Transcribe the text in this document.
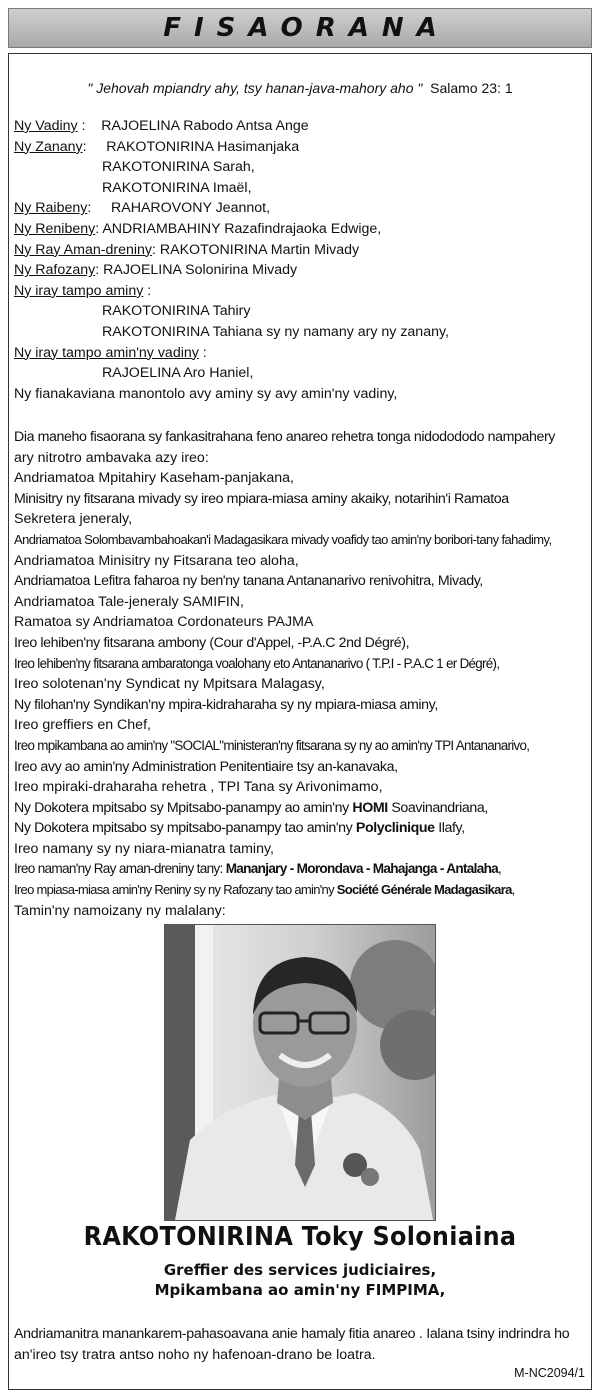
FISAORANA
" Jehovah mpiandry ahy, tsy hanan-java-mahory aho " Salamo 23: 1
Ny Vadiny :    RAJOELINA Rabodo Antsa Ange
Ny Zanany:     RAKOTONIRINA Hasimanjaka
RAKOTONIRINA Sarah,
RAKOTONIRINA Imaël,
Ny Raibeny:     RAHAROVONY Jeannot,
Ny Renibeny: ANDRIAMBAHINY Razafindrajaoka Edwige,
Ny Ray Aman-dreniny: RAKOTONIRINA Martin Mivady
Ny Rafozany: RAJOELINA Solonirina Mivady
Ny iray tampo aminy :
RAKOTONIRINA Tahiry
RAKOTONIRINA Tahiana sy ny namany ary ny zanany,
Ny iray tampo amin'ny vadiny :
RAJOELINA Aro Haniel,
Ny fianakaviana manontolo avy aminy sy avy amin'ny vadiny,
Dia maneho fisaorana sy fankasitrahana feno anareo rehetra tonga nidodododo nampahery
ary nitrotro ambavaka azy ireo:
Andriamatoa Mpitahiry Kaseham-panjakana,
Minisitry ny fitsarana mivady sy ireo mpiara-miasa aminy akaiky, notarihin'i Ramatoa
Sekretera jeneraly,
Andriamatoa Solombavambahoakan'i Madagasikara mivady voafidy tao amin'ny boribori-tany fahadimy,
Andriamatoa Minisitry ny Fitsarana teo aloha,
Andriamatoa Lefitra faharoa ny ben'ny tanana Antananarivo renivohitra, Mivady,
Andriamatoa Tale-jeneraly SAMIFIN,
Ramatoa sy Andriamatoa Cordonateurs PAJMA
Ireo lehiben'ny fitsarana ambony (Cour d'Appel, -P.A.C 2nd Dégré),
Ireo lehiben'ny fitsarana ambaratonga voalohany eto Antananarivo ( T.P.I - P.A.C 1 er Dégré),
Ireo solotenan'ny Syndicat ny Mpitsara Malagasy,
Ny filohan'ny Syndikan'ny mpira-kidraharaha sy ny mpiara-miasa aminy,
Ireo greffiers en Chef,
Ireo mpikambana ao amin'ny "SOCIAL"ministeran'ny fitsarana sy ny ao amin'ny TPI Antananarivo,
Ireo avy ao amin'ny Administration Penitentiaire tsy an-kanavaka,
Ireo mpiraki-draharaha rehetra , TPI Tana sy Arivonimamo,
Ny Dokotera mpitsabo sy Mpitsabo-panampy ao amin'ny HOMI Soavinandriana,
Ny Dokotera mpitsabo sy mpitsabo-panampy tao amin'ny Polyclinique Ilafy,
Ireo namany sy ny niara-mianatra taminy,
Ireo naman'ny Ray aman-dreniny tany: Mananjary - Morondava - Mahajanga - Antalaha,
Ireo mpiasa-miasa amin'ny Reniny sy ny Rafozany tao amin'ny Société Générale Madagasikara,
Tamin'ny namoizany ny malalany:
RAKOTONIRINA Toky Soloniaina
Greffier des services judiciaires,
Mpikambana ao amin'ny FIMPIMA,
Andriamanitra manankarem-pahasoavana anie hamaly fitia anareo . Ialana tsiny indrindra ho
an'ireo tsy tratra antso noho ny hafenoan-drano be loatra.
M-NC2094/1
